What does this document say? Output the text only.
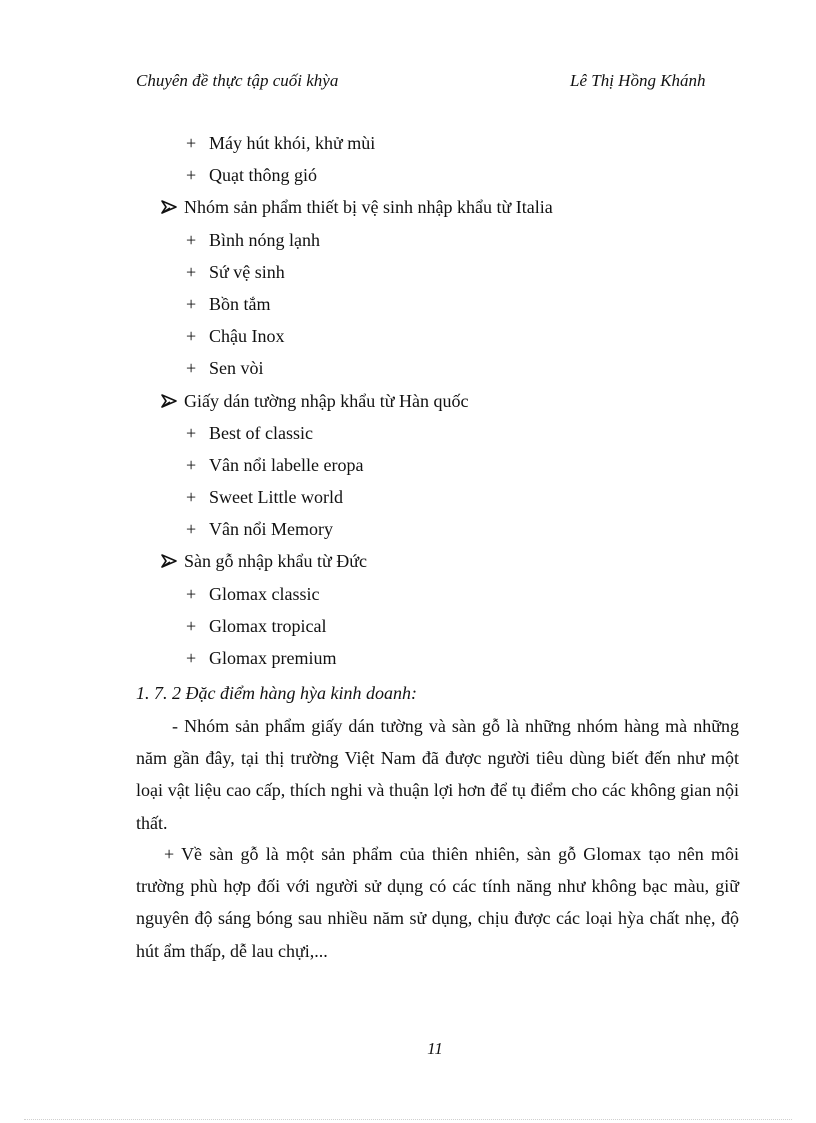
Chuyên đề thực tập cuối khỳa	Lê Thị Hồng Khánh
+ Máy hút khói, khử mùi
+ Quạt thông gió
Nhóm sản phẩm thiết bị vệ sinh nhập khẩu từ Italia
+ Bình nóng lạnh
+ Sứ vệ sinh
+ Bồn tắm
+ Chậu Inox
+ Sen vòi
Giấy dán tường nhập khẩu từ Hàn quốc
+ Best of classic
+ Vân nổi labelle eropa
+ Sweet Little world
+ Vân nổi Memory
Sàn gỗ nhập khẩu từ Đức
+ Glomax classic
+ Glomax tropical
+ Glomax premium
1. 7. 2 Đặc điểm hàng hỳa kinh doanh:
- Nhóm sản phẩm giấy dán tường và sàn gỗ là những nhóm hàng mà những năm gần đây, tại thị trường Việt Nam đã được người tiêu dùng biết đến như một loại vật liệu cao cấp, thích nghi và thuận lợi hơn để tụ điểm cho các không gian nội thất.
+ Về sàn gỗ là một sản phẩm của thiên nhiên, sàn gỗ Glomax tạo nên môi trường phù hợp đối với người sử dụng có các tính năng như không bạc màu, giữ nguyên độ sáng bóng sau nhiều năm sử dụng, chịu được các loại hỳa chất nhẹ, độ hút ẩm thấp, dễ lau chựi,...
11
